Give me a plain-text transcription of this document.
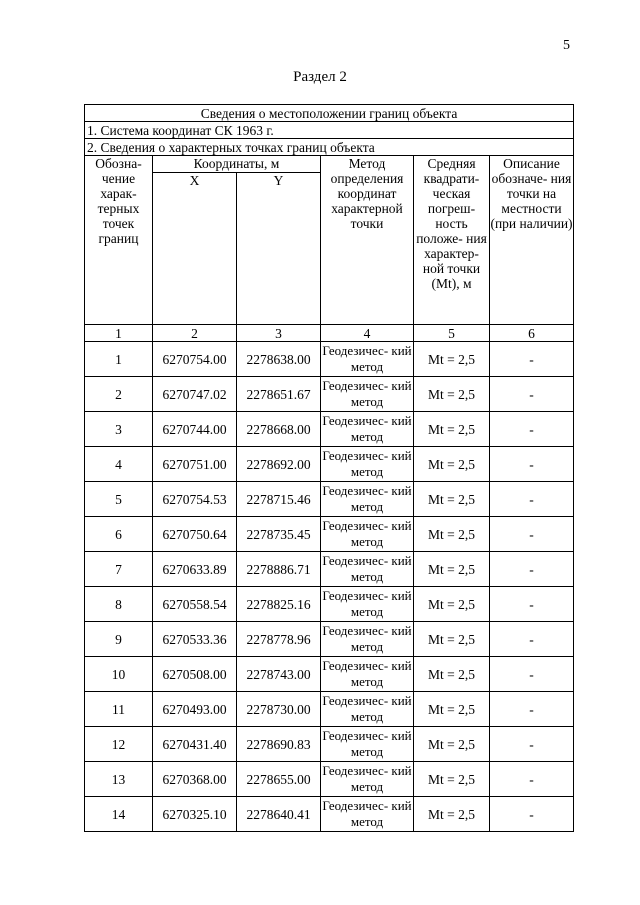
5
Раздел 2
Сведения о местоположении границ объекта					
1. Система координат СК 1963 г.					
2. Сведения о характерных точках границ объекта					
Обозна- чение харак- терных точек границ	Координаты, м		Метод определения координат характерной точки	Средняя квадрати- ческая погреш- ность положе- ния характер- ной точки (Mt), м	Описание обозначе- ния точки на местности (при наличии)
	X	Y			
1	2	3	4	5	6
1	6270754.00	2278638.00	Геодезичес- кий метод	Mt = 2,5	-
2	6270747.02	2278651.67	Геодезичес- кий метод	Mt = 2,5	-
3	6270744.00	2278668.00	Геодезичес- кий метод	Mt = 2,5	-
4	6270751.00	2278692.00	Геодезичес- кий метод	Mt = 2,5	-
5	6270754.53	2278715.46	Геодезичес- кий метод	Mt = 2,5	-
6	6270750.64	2278735.45	Геодезичес- кий метод	Mt = 2,5	-
7	6270633.89	2278886.71	Геодезичес- кий метод	Mt = 2,5	-
8	6270558.54	2278825.16	Геодезичес- кий метод	Mt = 2,5	-
9	6270533.36	2278778.96	Геодезичес- кий метод	Mt = 2,5	-
10	6270508.00	2278743.00	Геодезичес- кий метод	Mt = 2,5	-
11	6270493.00	2278730.00	Геодезичес- кий метод	Mt = 2,5	-
12	6270431.40	2278690.83	Геодезичес- кий метод	Mt = 2,5	-
13	6270368.00	2278655.00	Геодезичес- кий метод	Mt = 2,5	-
14	6270325.10	2278640.41	Геодезичес- кий метод	Mt = 2,5	-
